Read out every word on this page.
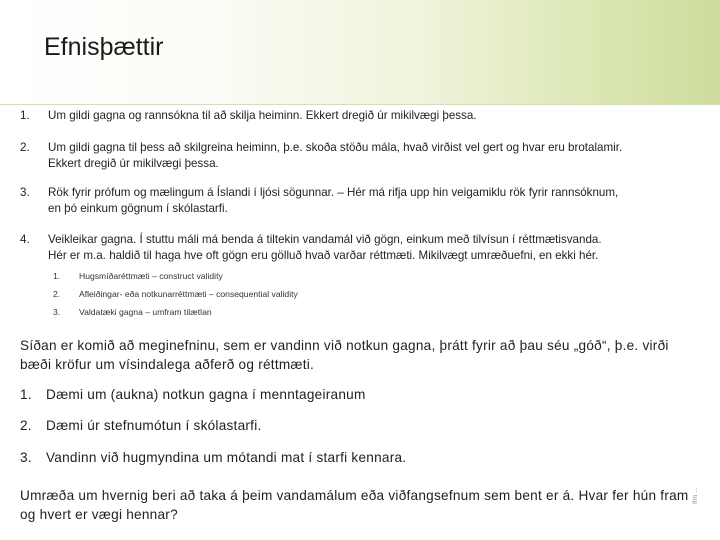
Efnisþættir
1. Um gildi gagna og rannsókna til að skilja heiminn. Ekkert dregið úr mikilvægi þessa.
2. Um gildi gagna til þess að skilgreina heiminn, þ.e. skoða stöðu mála, hvað virðist vel gert og hvar eru brotalamir.
Ekkert dregið úr mikilvægi þessa.
3. Rök fyrir prófum og mælingum á Íslandi í ljósi sögunnar. – Hér má rifja upp hin veigamiklu rök fyrir rannsóknum,
en þó einkum gögnum í skólastarfi.
4. Veikleikar gagna. Í stuttu máli má benda á tiltekin vandamál við gögn, einkum með tilvísun í réttmætisvanda.
Hér er m.a. haldið til haga hve oft gögn eru gölluð hvað varðar réttmæti. Mikilvægt umræðuefni, en ekki hér.
1. Hugsmíðaréttmæti – construct validity
2. Afleiðingar- eða notkunarréttmæti – consequential validity
3. Valdatæki gagna – umfram tilætlan
Síðan er komið að meginefninu, sem er vandinn við notkun gagna, þrátt fyrir að þau séu „góð“, þ.e. virði bæði kröfur um vísindalega aðferð og réttmæti.
1. Dæmi um (aukna) notkun gagna í menntageiranum
2. Dæmi úr stefnumótun í skólastarfi.
3. Vandinn við hugmyndina um mótandi mat í starfi kennara.
Umræða um hvernig beri að taka á þeim vandamálum eða viðfangsefnum sem bent er á. Hvar fer hún fram og hvert er vægi hennar?
Ífm ...
